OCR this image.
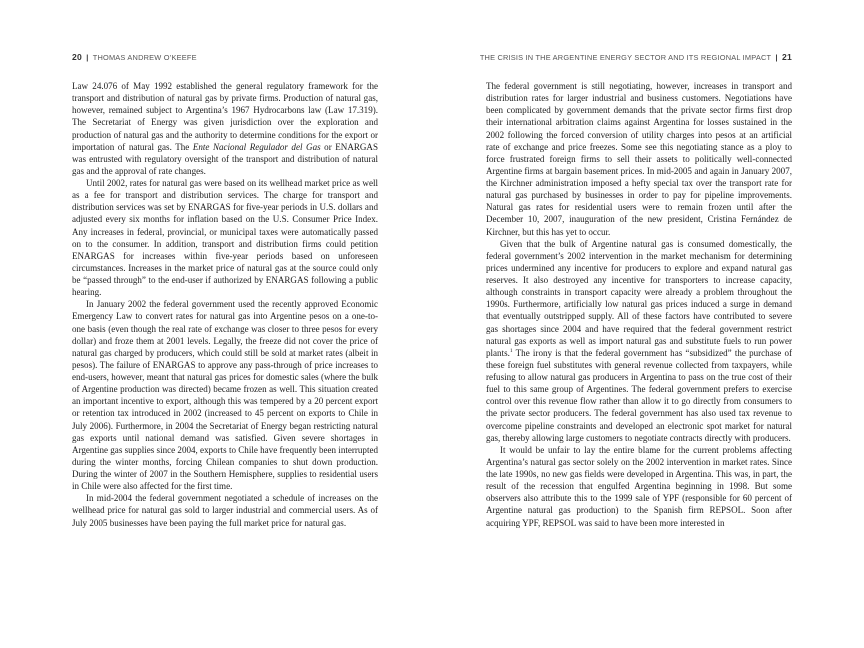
20 | THOMAS ANDREW O’KEEFE

Law 24.076 of May 1992 established the general regulatory framework for the transport and distribution of natural gas by private firms. Production of natural gas, however, remained subject to Argentina’s 1967 Hydrocarbons law (Law 17.319). The Secretariat of Energy was given jurisdiction over the exploration and production of natural gas and the authority to determine conditions for the export or importation of natural gas. The Ente Nacional Regulador del Gas or ENARGAS was entrusted with regulatory oversight of the transport and distribution of natural gas and the approval of rate changes.

Until 2002, rates for natural gas were based on its wellhead market price as well as a fee for transport and distribution services. The charge for transport and distribution services was set by ENARGAS for five-year periods in U.S. dollars and adjusted every six months for inflation based on the U.S. Consumer Price Index. Any increases in federal, provincial, or municipal taxes were automatically passed on to the consumer. In addition, transport and distribution firms could petition ENARGAS for increases within five-year periods based on unforeseen circumstances. Increases in the market price of natural gas at the source could only be “passed through” to the end-user if authorized by ENARGAS following a public hearing.

In January 2002 the federal government used the recently approved Economic Emergency Law to convert rates for natural gas into Argentine pesos on a one-to-one basis (even though the real rate of exchange was closer to three pesos for every dollar) and froze them at 2001 levels. Legally, the freeze did not cover the price of natural gas charged by producers, which could still be sold at market rates (albeit in pesos). The failure of ENARGAS to approve any pass-through of price increases to end-users, however, meant that natural gas prices for domestic sales (where the bulk of Argentine production was directed) became frozen as well. This situation created an important incentive to export, although this was tempered by a 20 percent export or retention tax introduced in 2002 (increased to 45 percent on exports to Chile in July 2006). Furthermore, in 2004 the Secretariat of Energy began restricting natural gas exports until national demand was satisfied. Given severe shortages in Argentine gas supplies since 2004, exports to Chile have frequently been interrupted during the winter months, forcing Chilean companies to shut down production. During the winter of 2007 in the Southern Hemisphere, supplies to residential users in Chile were also affected for the first time.

In mid-2004 the federal government negotiated a schedule of increases on the wellhead price for natural gas sold to larger industrial and commercial users. As of July 2005 businesses have been paying the full market price for natural gas.

THE CRISIS IN THE ARGENTINE ENERGY SECTOR AND ITS REGIONAL IMPACT | 21

The federal government is still negotiating, however, increases in transport and distribution rates for larger industrial and business customers. Negotiations have been complicated by government demands that the private sector firms first drop their international arbitration claims against Argentina for losses sustained in the 2002 following the forced conversion of utility charges into pesos at an artificial rate of exchange and price freezes. Some see this negotiating stance as a ploy to force frustrated foreign firms to sell their assets to politically well-connected Argentine firms at bargain basement prices. In mid-2005 and again in January 2007, the Kirchner administration imposed a hefty special tax over the transport rate for natural gas purchased by businesses in order to pay for pipeline improvements. Natural gas rates for residential users were to remain frozen until after the December 10, 2007, inauguration of the new president, Cristina Fernández de Kirchner, but this has yet to occur.

Given that the bulk of Argentine natural gas is consumed domestically, the federal government’s 2002 intervention in the market mechanism for determining prices undermined any incentive for producers to explore and expand natural gas reserves. It also destroyed any incentive for transporters to increase capacity, although constraints in transport capacity were already a problem throughout the 1990s. Furthermore, artificially low natural gas prices induced a surge in demand that eventually outstripped supply. All of these factors have contributed to severe gas shortages since 2004 and have required that the federal government restrict natural gas exports as well as import natural gas and substitute fuels to run power plants.$^1$ The irony is that the federal government has “subsidized” the purchase of these foreign fuel substitutes with general revenue collected from taxpayers, while refusing to allow natural gas producers in Argentina to pass on the true cost of their fuel to this same group of Argentines. The federal government prefers to exercise control over this revenue flow rather than allow it to go directly from consumers to the private sector producers. The federal government has also used tax revenue to overcome pipeline constraints and developed an electronic spot market for natural gas, thereby allowing large customers to negotiate contracts directly with producers.

It would be unfair to lay the entire blame for the current problems affecting Argentina’s natural gas sector solely on the 2002 intervention in market rates. Since the late 1990s, no new gas fields were developed in Argentina. This was, in part, the result of the recession that engulfed Argentina beginning in 1998. But some observers also attribute this to the 1999 sale of YPF (responsible for 60 percent of Argentine natural gas production) to the Spanish firm REPSOL. Soon after acquiring YPF, REPSOL was said to have been more interested in
